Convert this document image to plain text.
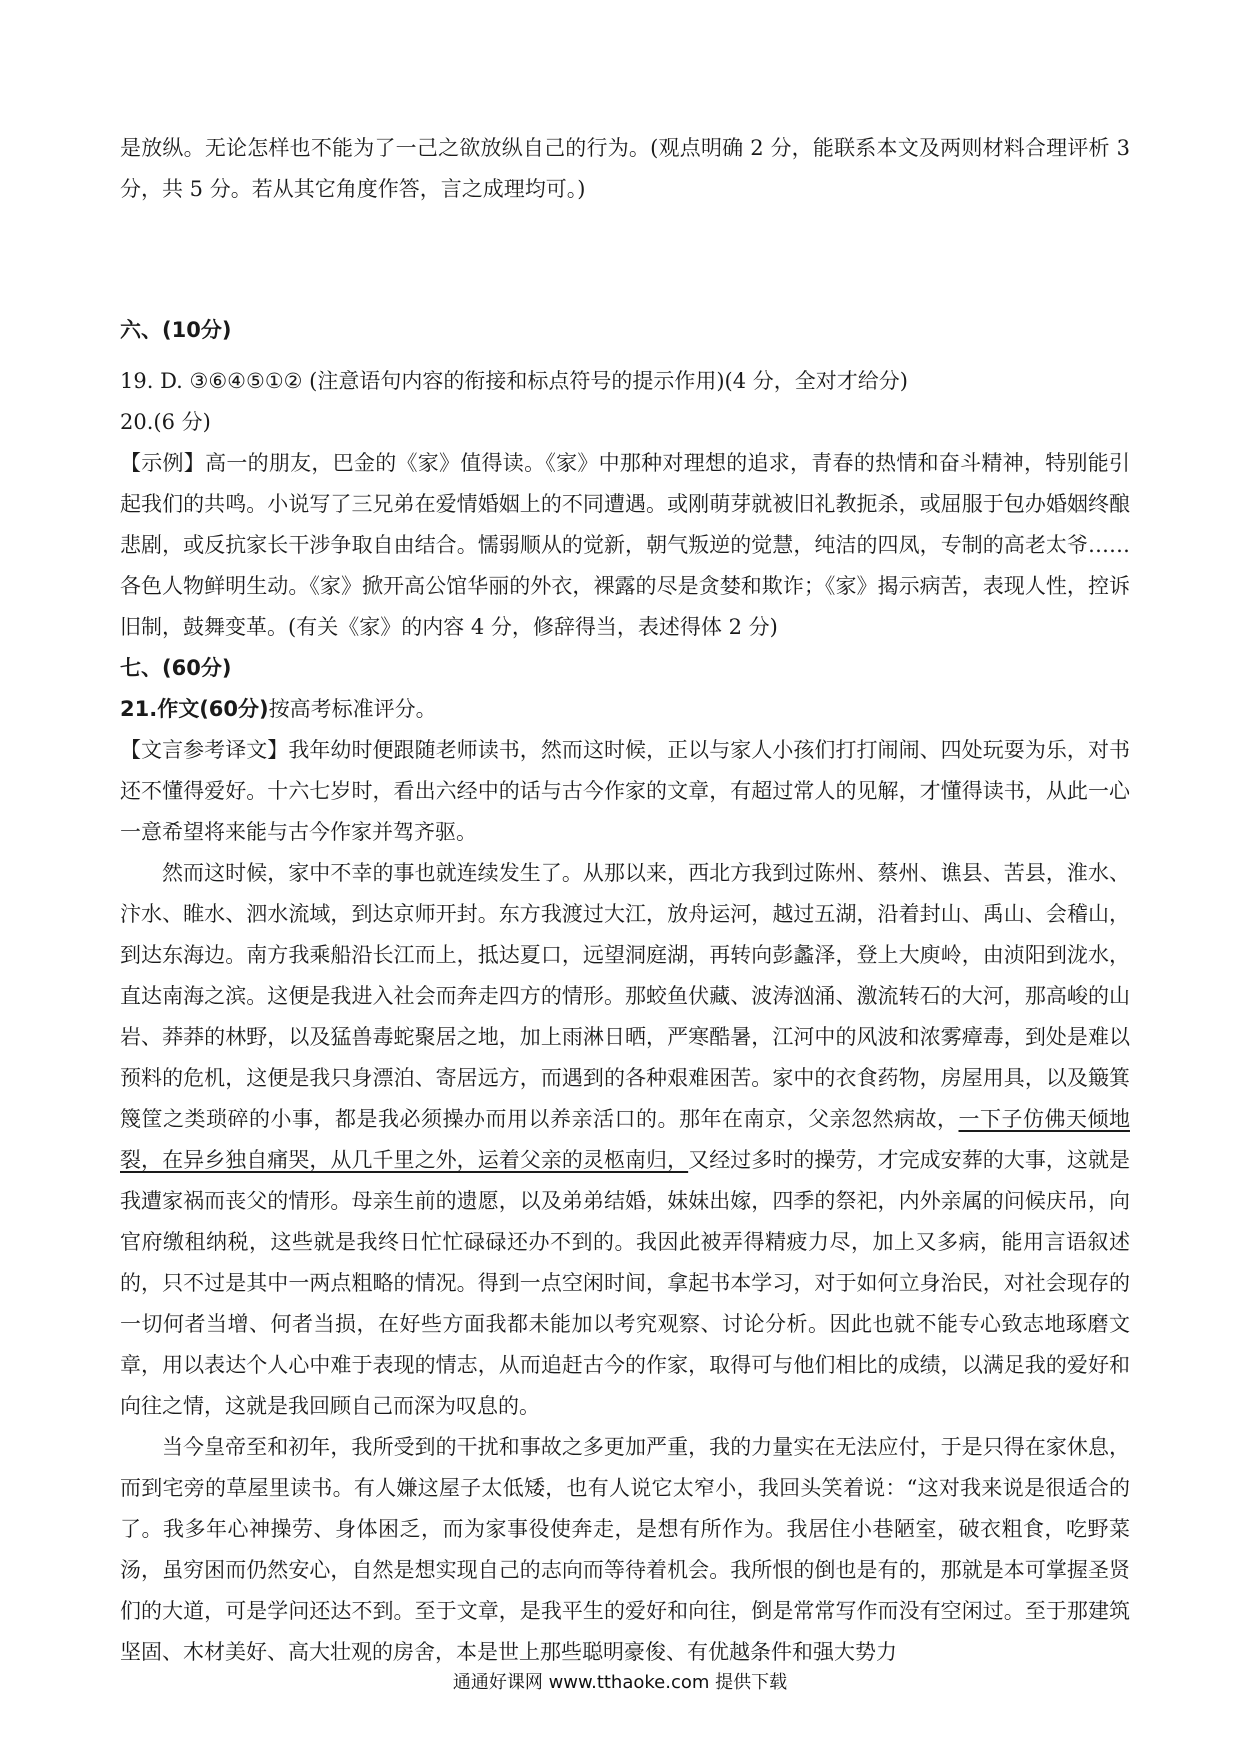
是放纵。无论怎样也不能为了一己之欲放纵自己的行为。(观点明确 2 分，能联系本文及两则材料合理评析 3 分，共 5 分。若从其它角度作答，言之成理均可。)

六、(10分)

19. D. ③⑥④⑤①② (注意语句内容的衔接和标点符号的提示作用)(4 分，全对才给分)

20.(6 分)

【示例】高一的朋友，巴金的《家》值得读。《家》中那种对理想的追求，青春的热情和奋斗精神，特别能引起我们的共鸣。小说写了三兄弟在爱情婚姻上的不同遭遇。或刚萌芽就被旧礼教扼杀，或屈服于包办婚姻终酿悲剧，或反抗家长干涉争取自由结合。懦弱顺从的觉新，朝气叛逆的觉慧，纯洁的四凤，专制的高老太爷……各色人物鲜明生动。《家》掀开高公馆华丽的外衣，裸露的尽是贪婪和欺诈；《家》揭示病苦，表现人性，控诉旧制，鼓舞变革。(有关《家》的内容 4 分，修辞得当，表述得体 2 分)

七、(60分)

21.作文(60分)按高考标准评分。

【文言参考译文】我年幼时便跟随老师读书，然而这时候，正以与家人小孩们打打闹闹、四处玩耍为乐，对书还不懂得爱好。十六七岁时，看出六经中的话与古今作家的文章，有超过常人的见解，才懂得读书，从此一心一意希望将来能与古今作家并驾齐驱。

然而这时候，家中不幸的事也就连续发生了。从那以来，西北方我到过陈州、蔡州、谯县、苦县，淮水、汴水、睢水、泗水流域，到达京师开封。东方我渡过大江，放舟运河，越过五湖，沿着封山、禹山、会稽山，到达东海边。南方我乘船沿长江而上，抵达夏口，远望洞庭湖，再转向彭蠡泽，登上大庾岭，由浈阳到泷水，直达南海之滨。这便是我进入社会而奔走四方的情形。那蛟鱼伏藏、波涛汹涌、激流转石的大河，那高峻的山岩、莽莽的林野，以及猛兽毒蛇聚居之地，加上雨淋日晒，严寒酷暑，江河中的风波和浓雾瘴毒，到处是难以预料的危机，这便是我只身漂泊、寄居远方，而遇到的各种艰难困苦。家中的衣食药物，房屋用具，以及簸箕篾筐之类琐碎的小事，都是我必须操办而用以养亲活口的。那年在南京，父亲忽然病故，一下子仿佛天倾地裂，在异乡独自痛哭，从几千里之外，运着父亲的灵柩南归，又经过多时的操劳，才完成安葬的大事，这就是我遭家祸而丧父的情形。母亲生前的遗愿，以及弟弟结婚，妹妹出嫁，四季的祭祀，内外亲属的问候庆吊，向官府缴租纳税，这些就是我终日忙忙碌碌还办不到的。我因此被弄得精疲力尽，加上又多病，能用言语叙述的，只不过是其中一两点粗略的情况。得到一点空闲时间，拿起书本学习，对于如何立身治民，对社会现存的一切何者当增、何者当损，在好些方面我都未能加以考究观察、讨论分析。因此也就不能专心致志地琢磨文章，用以表达个人心中难于表现的情志，从而追赶古今的作家，取得可与他们相比的成绩，以满足我的爱好和向往之情，这就是我回顾自己而深为叹息的。

当今皇帝至和初年，我所受到的干扰和事故之多更加严重，我的力量实在无法应付，于是只得在家休息，而到宅旁的草屋里读书。有人嫌这屋子太低矮，也有人说它太窄小，我回头笑着说：“这对我来说是很适合的了。我多年心神操劳、身体困乏，而为家事役使奔走，是想有所作为。我居住小巷陋室，破衣粗食，吃野菜汤，虽穷困而仍然安心，自然是想实现自己的志向而等待着机会。我所恨的倒也是有的，那就是本可掌握圣贤们的大道，可是学问还达不到。至于文章，是我平生的爱好和向往，倒是常常写作而没有空闲过。至于那建筑坚固、木材美好、高大壮观的房舍，本是世上那些聪明豪俊、有优越条件和强大势力

通通好课网 www.tthaoke.com 提供下载
